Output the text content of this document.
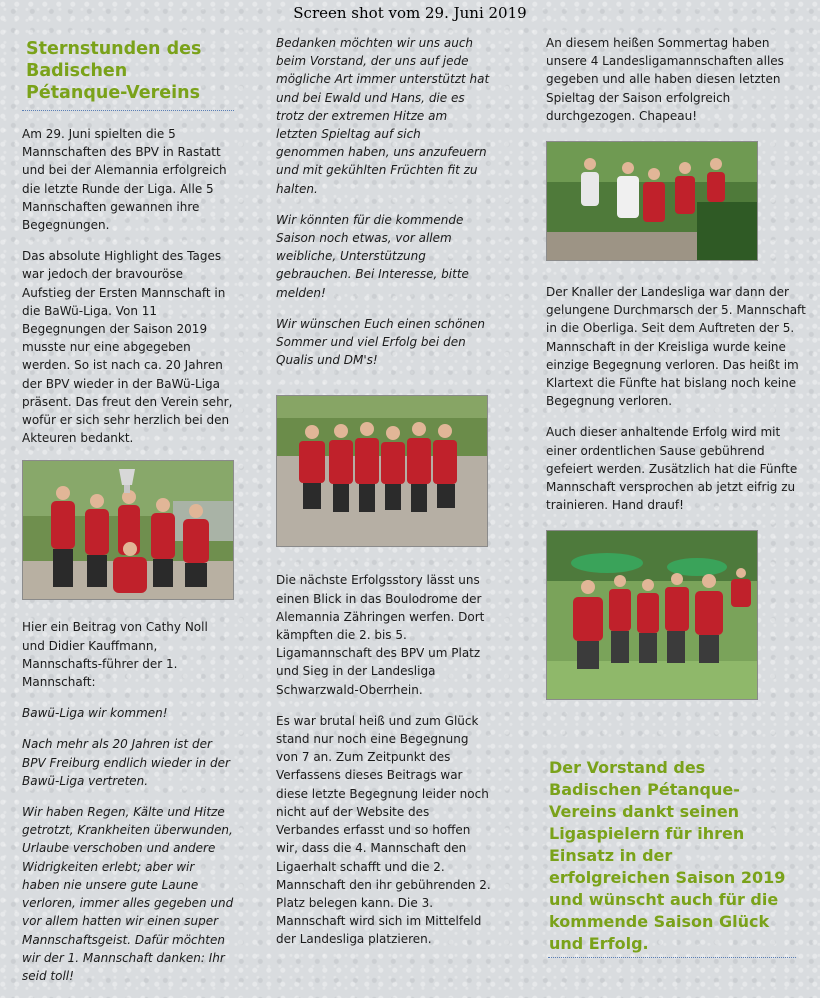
Screen shot vom 29. Juni 2019
Sternstunden des Badischen Pétanque-Vereins

Am 29. Juni spielten die 5 Mannschaften des BPV in Rastatt und bei der Alemannia erfolgreich die letzte Runde der Liga. Alle 5 Mannschaften gewannen ihre Begegnungen.

Das absolute Highlight des Tages war jedoch der bravouröse Aufstieg der Ersten Mannschaft in die BaWü-Liga. Von 11 Begegnungen der Saison 2019 musste nur eine abgegeben werden. So ist nach ca. 20 Jahren der BPV wieder in der BaWü-Liga präsent. Das freut den Verein sehr, wofür er sich sehr herzlich bei den Akteuren bedankt.

Hier ein Beitrag von Cathy Noll und Didier Kauffmann, Mannschafts-führer der 1. Mannschaft:

Bawü-Liga wir kommen!

Nach mehr als 20 Jahren ist der BPV Freiburg endlich wieder in der Bawü-Liga vertreten.

Wir haben Regen, Kälte und Hitze getrotzt, Krankheiten überwunden, Urlaube verschoben und andere Widrigkeiten erlebt; aber wir haben nie unsere gute Laune verloren, immer alles gegeben und vor allem hatten wir einen super Mannschaftsgeist. Dafür möchten wir der 1. Mannschaft danken: Ihr seid toll!

Bedanken möchten wir uns auch beim Vorstand, der uns auf jede mögliche Art immer unterstützt hat und bei Ewald und Hans, die es trotz der extremen Hitze am letzten Spieltag auf sich genommen haben, uns anzufeuern und mit gekühlten Früchten fit zu halten.

Wir könnten für die kommende Saison noch etwas, vor allem weibliche, Unterstützung gebrauchen. Bei Interesse, bitte melden!

Wir wünschen Euch einen schönen Sommer und viel Erfolg bei den Qualis und DM's!

Die nächste Erfolgsstory lässt uns einen Blick in das Boulodrome der Alemannia Zähringen werfen. Dort kämpften die 2. bis 5. Ligamannschaft des BPV um Platz und Sieg in der Landesliga Schwarzwald-Oberrhein.

Es war brutal heiß und zum Glück stand nur noch eine Begegnung von 7 an. Zum Zeitpunkt des Verfassens dieses Beitrags war diese letzte Begegnung leider noch nicht auf der Website des Verbandes erfasst und so hoffen wir, dass die 4. Mannschaft den Ligaerhalt schafft und die 2. Mannschaft den ihr gebührenden 2. Platz belegen kann. Die 3. Mannschaft wird sich im Mittelfeld der Landesliga platzieren.

An diesem heißen Sommertag haben unsere 4 Landesligamannschaften alles gegeben und alle haben diesen letzten Spieltag der Saison erfolgreich durchgezogen. Chapeau!

Der Knaller der Landesliga war dann der gelungene Durchmarsch der 5. Mannschaft in die Oberliga. Seit dem Auftreten der 5. Mannschaft in der Kreisliga wurde keine einzige Begegnung verloren. Das heißt im Klartext die Fünfte hat bislang noch keine Begegnung verloren.

Auch dieser anhaltende Erfolg wird mit einer ordentlichen Sause gebührend gefeiert werden. Zusätzlich hat die Fünfte Mannschaft versprochen ab jetzt eifrig zu trainieren. Hand drauf!

Der Vorstand des Badischen Pétanque-Vereins dankt seinen Ligaspielern für ihren Einsatz in der erfolgreichen Saison 2019 und wünscht auch für die kommende Saison Glück und Erfolg.
